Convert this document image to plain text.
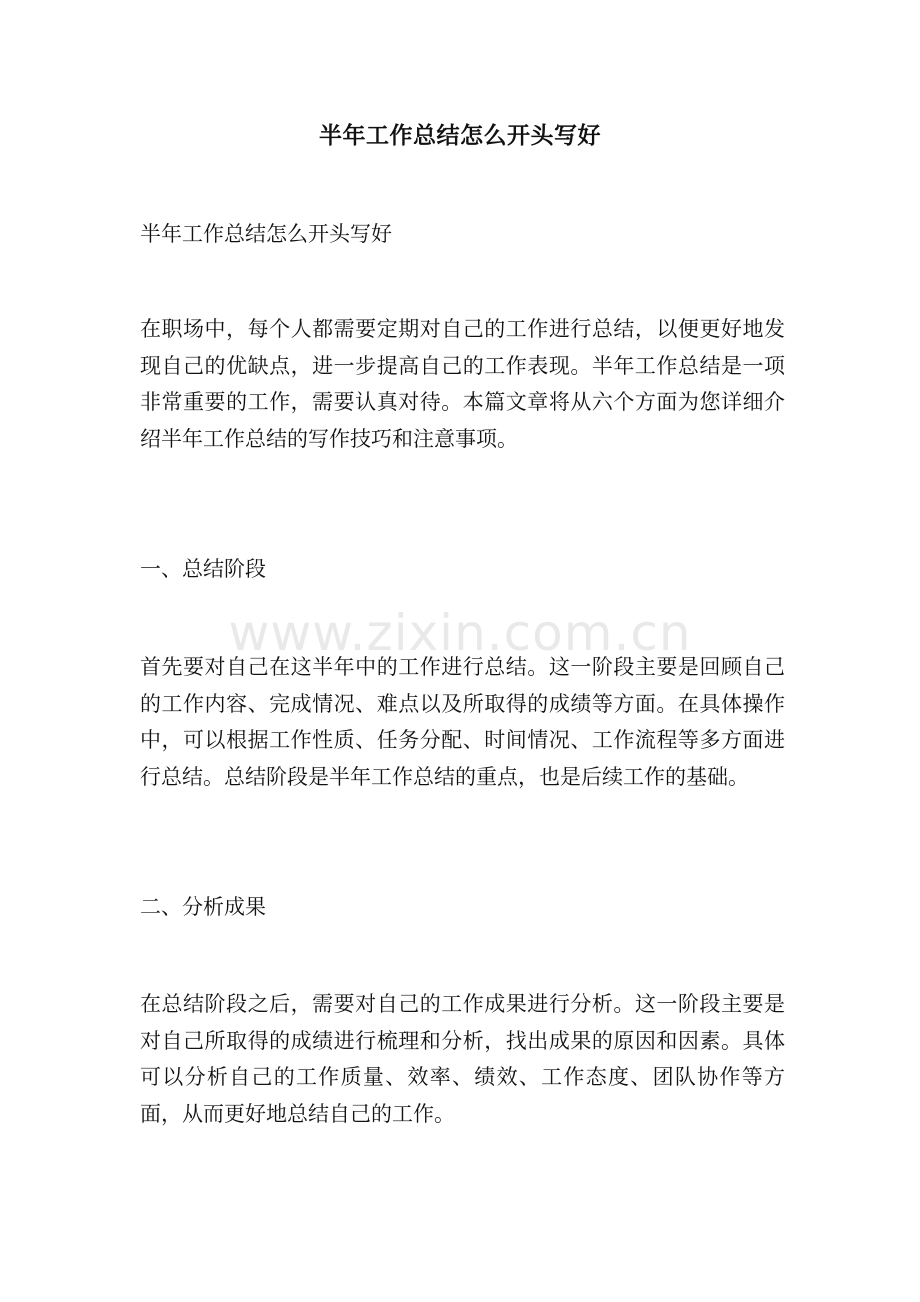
半年工作总结怎么开头写好
半年工作总结怎么开头写好
在职场中，每个人都需要定期对自己的工作进行总结，以便更好地发现自己的优缺点，进一步提高自己的工作表现。半年工作总结是一项非常重要的工作，需要认真对待。本篇文章将从六个方面为您详细介绍半年工作总结的写作技巧和注意事项。
一、总结阶段
首先要对自己在这半年中的工作进行总结。这一阶段主要是回顾自己的工作内容、完成情况、难点以及所取得的成绩等方面。在具体操作中，可以根据工作性质、任务分配、时间情况、工作流程等多方面进行总结。总结阶段是半年工作总结的重点，也是后续工作的基础。
二、分析成果
在总结阶段之后，需要对自己的工作成果进行分析。这一阶段主要是对自己所取得的成绩进行梳理和分析，找出成果的原因和因素。具体可以分析自己的工作质量、效率、绩效、工作态度、团队协作等方面，从而更好地总结自己的工作。
www.zixin.com.cn
